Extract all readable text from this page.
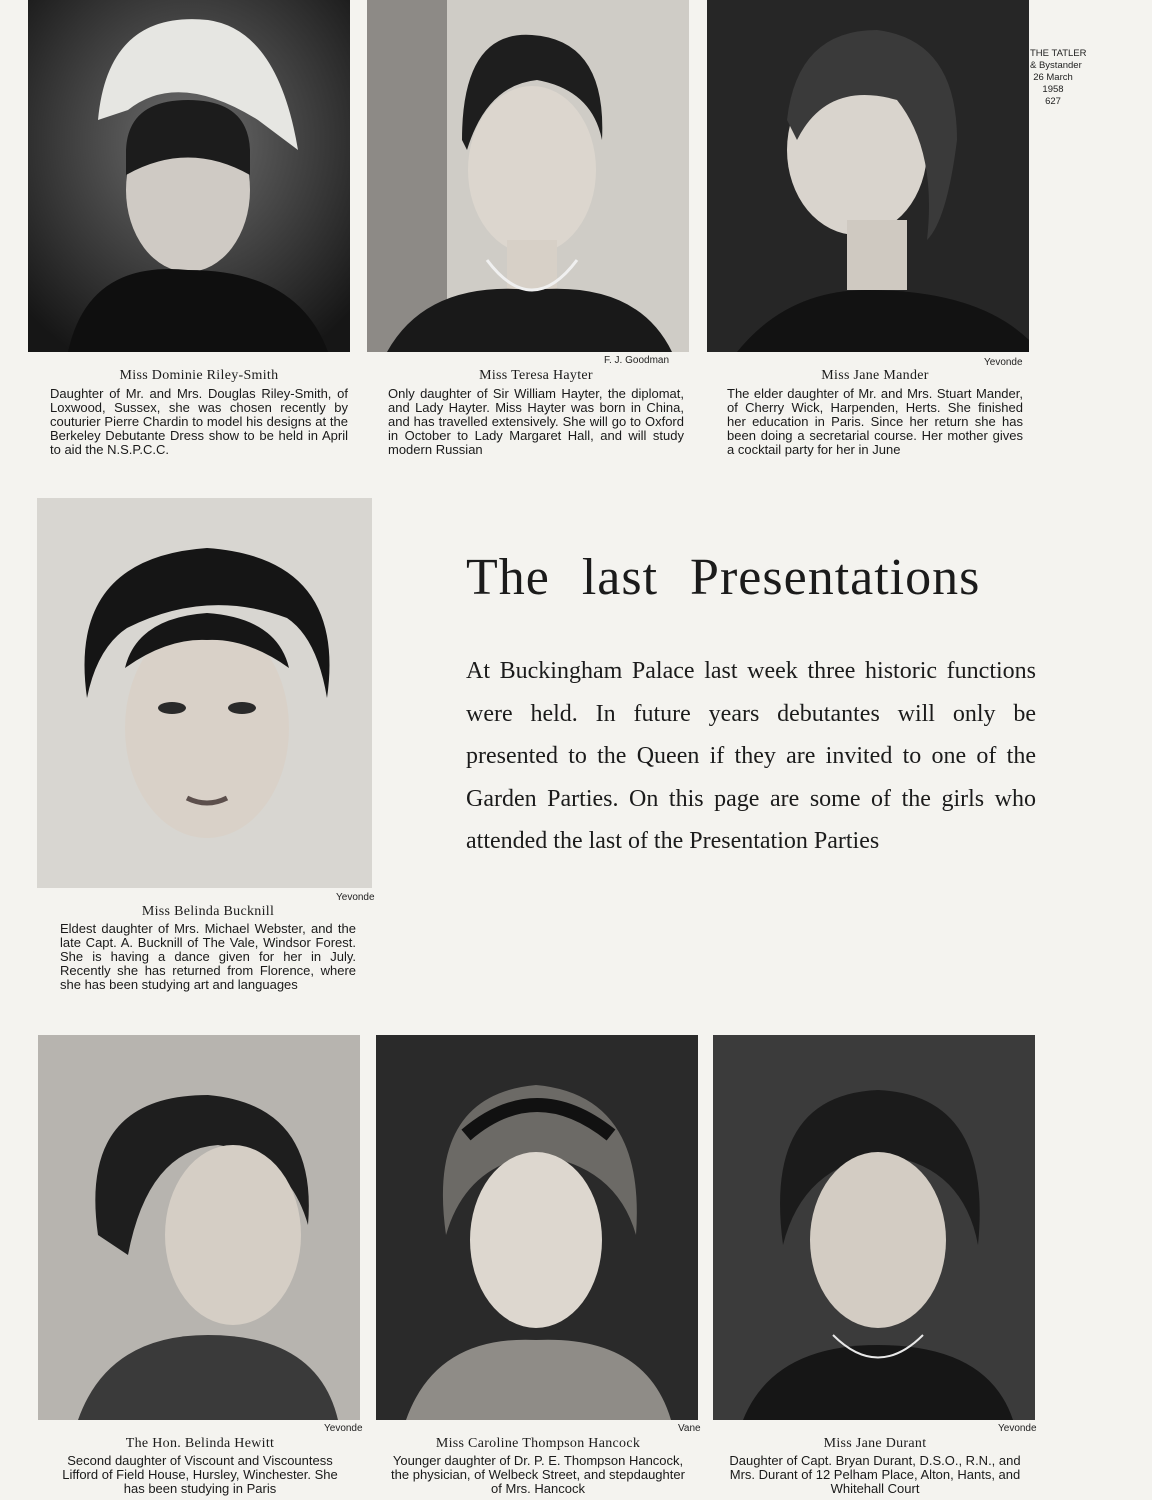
THE TATLER
& Bystander
26 March
1958
627
F. J. Goodman	Yevonde
Miss Dominie Riley-Smith
Daughter of Mr. and Mrs. Douglas Riley-Smith, of Loxwood, Sussex, she was chosen recently by couturier Pierre Chardin to model his designs at the Berkeley Debutante Dress show to be held in April to aid the N.S.P.C.C.
Miss Teresa Hayter
Only daughter of Sir William Hayter, the diplomat, and Lady Hayter. Miss Hayter was born in China, and has travelled extensively. She will go to Oxford in October to Lady Margaret Hall, and will study modern Russian
Miss Jane Mander
The elder daughter of Mr. and Mrs. Stuart Mander, of Cherry Wick, Harpenden, Herts. She finished her education in Paris. Since her return she has been doing a secretarial course. Her mother gives a cocktail party for her in June
Yevonde
Miss Belinda Bucknill
Eldest daughter of Mrs. Michael Webster, and the late Capt. A. Bucknill of The Vale, Windsor Forest. She is having a dance given for her in July. Recently she has returned from Florence, where she has been studying art and languages
The last Presentations
At Buckingham Palace last week three historic functions were held. In future years debutantes will only be presented to the Queen if they are invited to one of the Garden Parties. On this page are some of the girls who attended the last of the Presentation Parties
Yevonde	Vane	Yevonde
The Hon. Belinda Hewitt
Second daughter of Viscount and Viscountess Lifford of Field House, Hursley, Winchester. She has been studying in Paris
Miss Caroline Thompson Hancock
Younger daughter of Dr. P. E. Thompson Hancock, the physician, of Welbeck Street, and stepdaughter of Mrs. Hancock
Miss Jane Durant
Daughter of Capt. Bryan Durant, D.S.O., R.N., and Mrs. Durant of 12 Pelham Place, Alton, Hants, and Whitehall Court
